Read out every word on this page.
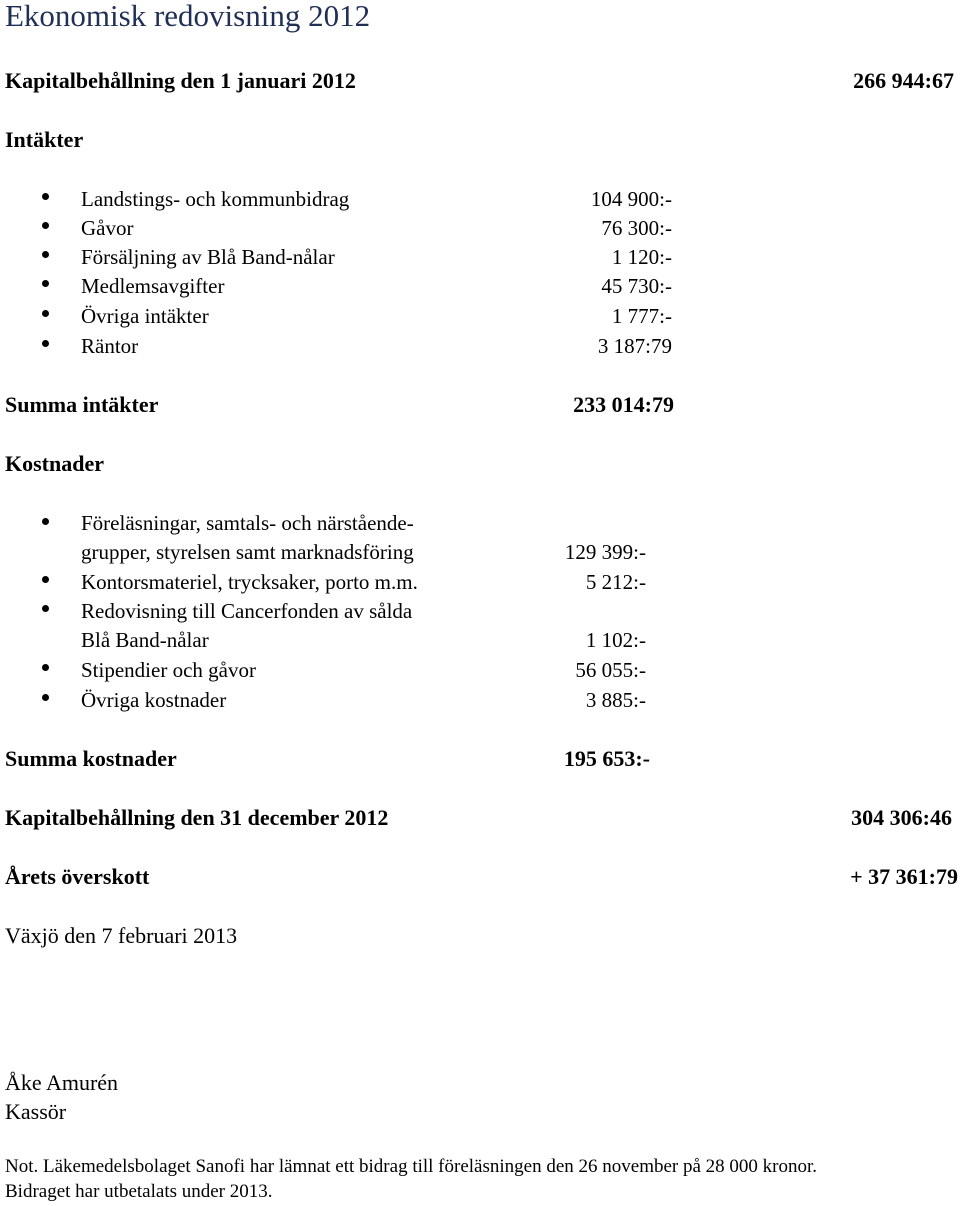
Ekonomisk redovisning 2012
Kapitalbehållning den 1 januari 2012	266 944:67
Intäkter
Landstings- och kommunbidrag	104 900:-
Gåvor	76 300:-
Försäljning av Blå Band-nålar	1 120:-
Medlemsavgifter	45 730:-
Övriga intäkter	1 777:-
Räntor	3 187:79
Summa intäkter	233 014:79
Kostnader
Föreläsningar, samtals- och närstående-
grupper, styrelsen samt marknadsföring	129 399:-
Kontorsmateriel, trycksaker, porto m.m.	5 212:-
Redovisning till Cancerfonden av sålda
Blå Band-nålar	1 102:-
Stipendier och gåvor	56 055:-
Övriga kostnader	3 885:-
Summa kostnader	195 653:-
Kapitalbehållning den 31 december 2012	304 306:46
Årets överskott	+ 37 361:79
Växjö den 7 februari 2013
Åke Amurén
Kassör
Not. Läkemedelsbolaget Sanofi har lämnat ett bidrag till föreläsningen den 26 november på 28 000 kronor.
Bidraget har utbetalats under 2013.
